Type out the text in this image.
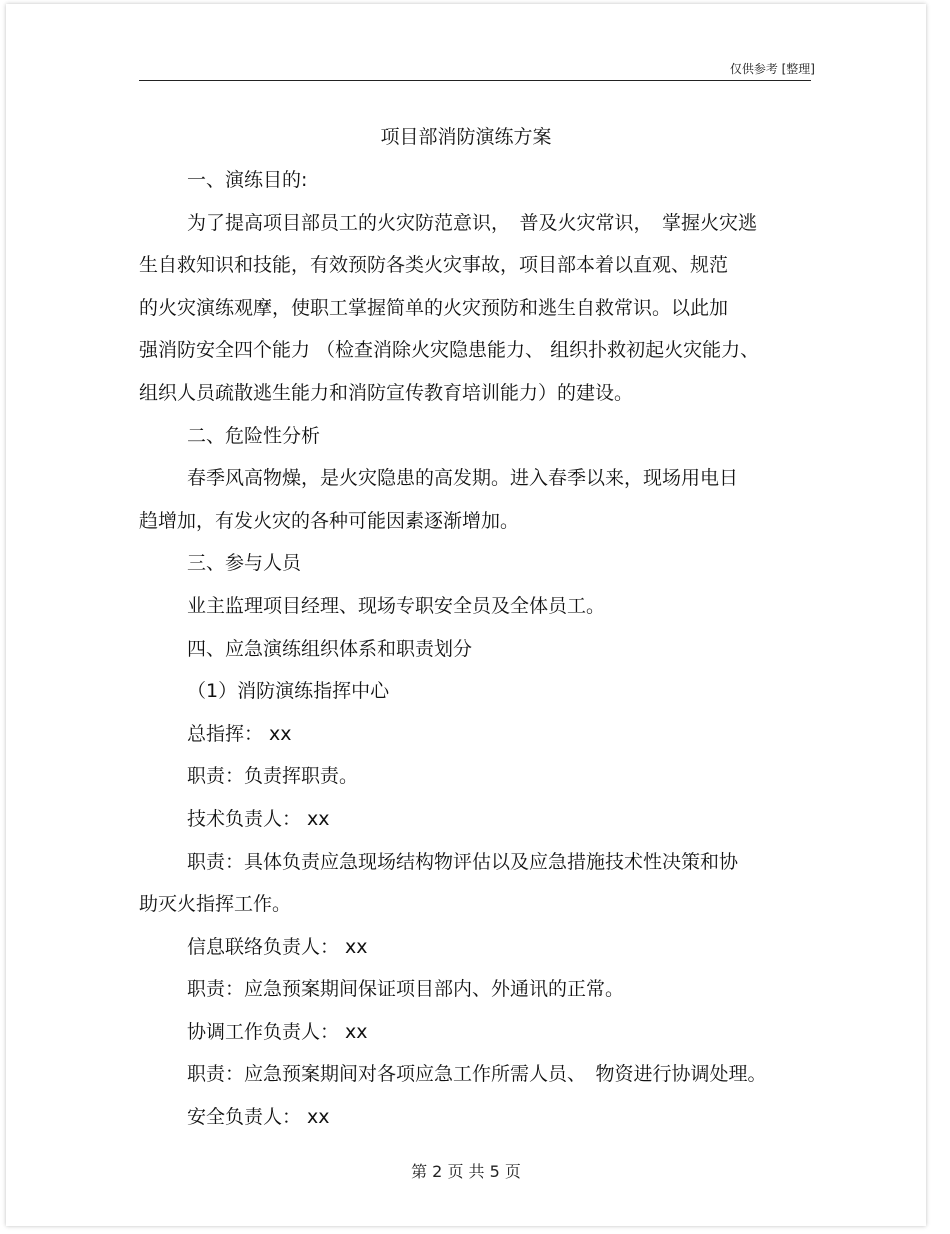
仅供参考 [整理]
项目部消防演练方案
一、演练目的:
为了提高项目部员工的火灾防范意识，　普及火灾常识，　掌握火灾逃
生自救知识和技能，有效预防各类火灾事故，项目部本着以直观、规范
的火灾演练观摩，使职工掌握简单的火灾预防和逃生自救常识。以此加
强消防安全四个能力 （检查消除火灾隐患能力、 组织扑救初起火灾能力、
组织人员疏散逃生能力和消防宣传教育培训能力）的建设。
二、危险性分析
春季风高物燥，是火灾隐患的高发期。进入春季以来，现场用电日
趋增加，有发火灾的各种可能因素逐渐增加。
三、参与人员
业主监理项目经理、现场专职安全员及全体员工。
四、应急演练组织体系和职责划分
（1）消防演练指挥中心
总指挥： xx
职责：负责挥职责。
技术负责人： xx
职责：具体负责应急现场结构物评估以及应急措施技术性决策和协
助灭火指挥工作。
信息联络负责人： xx
职责：应急预案期间保证项目部内、外通讯的正常。
协调工作负责人： xx
职责：应急预案期间对各项应急工作所需人员、　物资进行协调处理。
安全负责人： xx
第 2 页 共 5 页
